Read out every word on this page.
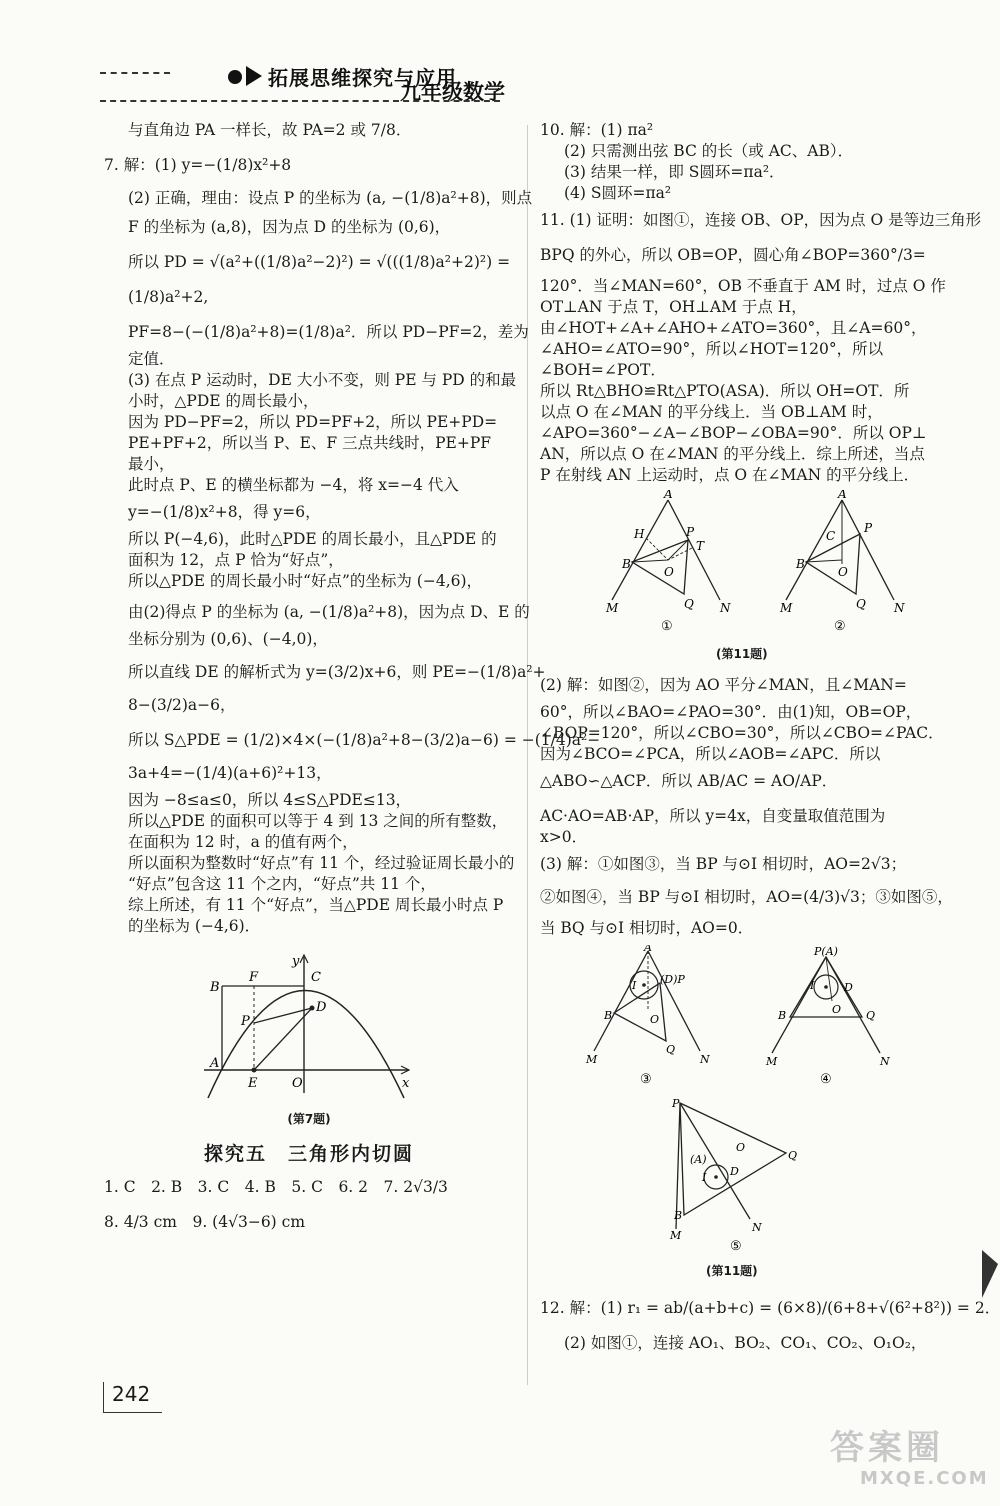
拓展思维探究与应用
九年级数学
与直角边 PA 一样长，故 PA=2 或 7/8．
7. 解：(1) y=−(1/8)x²+8
(2) 正确，理由：设点 P 的坐标为 (a, −(1/8)a²+8)，则点
F 的坐标为 (a,8)，因为点 D 的坐标为 (0,6)，
所以 PD = √(a²+((1/8)a²−2)²) = √(((1/8)a²+2)²) =
(1/8)a²+2,
PF=8−(−(1/8)a²+8)=(1/8)a²．所以 PD−PF=2，差为
定值．
(3) 在点 P 运动时，DE 大小不变，则 PE 与 PD 的和最
小时，△PDE 的周长最小，
因为 PD−PF=2，所以 PD=PF+2，所以 PE+PD=
PE+PF+2，所以当 P、E、F 三点共线时，PE+PF
最小，
此时点 P、E 的横坐标都为 −4，将 x=−4 代入
y=−(1/8)x²+8，得 y=6，
所以 P(−4,6)，此时△PDE 的周长最小，且△PDE 的
面积为 12，点 P 恰为“好点”，
所以△PDE 的周长最小时“好点”的坐标为 (−4,6)，
由(2)得点 P 的坐标为 (a, −(1/8)a²+8)，因为点 D、E 的
坐标分别为 (0,6)、(−4,0)，
所以直线 DE 的解析式为 y=(3/2)x+6，则 PE=−(1/8)a²+
8−(3/2)a−6，
所以 S△PDE = (1/2)×4×(−(1/8)a²+8−(3/2)a−6) = −(1/4)a²−
3a+4=−(1/4)(a+6)²+13，
因为 −8≤a≤0，所以 4≤S△PDE≤13，
所以△PDE 的面积可以等于 4 到 13 之间的所有整数，
在面积为 12 时，a 的值有两个，
所以面积为整数时“好点”有 11 个，经过验证周长最小的
“好点”包含这 11 个之内，“好点”共 11 个，
综上所述，有 11 个“好点”，当△PDE 周长最小时点 P
的坐标为 (−4,6)．
B
F	C
y
D
P
A
E	O	x
(第7题)
探究五　三角形内切圆
1. C　2. B　3. C　4. B　5. C　6. 2　7. 2√3/3
8. 4/3 cm　9. (4√3−6) cm
10. 解：(1) πa²
(2) 只需测出弦 BC 的长（或 AC、AB）．
(3) 结果一样，即 S圆环=πa²．
(4) S圆环=πa²
11. (1) 证明：如图①，连接 OB、OP，因为点 O 是等边三角形
BPQ 的外心，所以 OB=OP，圆心角∠BOP=360°/3=
120°．当∠MAN=60°，OB 不垂直于 AM 时，过点 O 作
OT⊥AN 于点 T，OH⊥AM 于点 H，
由∠HOT+∠A+∠AHO+∠ATO=360°，且∠A=60°，
∠AHO=∠ATO=90°，所以∠HOT=120°，所以
∠BOH=∠POT．
所以 Rt△BHO≌Rt△PTO(ASA)．所以 OH=OT．所
以点 O 在∠MAN 的平分线上．当 OB⊥AM 时，
∠APO=360°−∠A−∠BOP−∠OBA=90°．所以 OP⊥
AN，所以点 O 在∠MAN 的平分线上．综上所述，当点
P 在射线 AN 上运动时，点 O 在∠MAN 的平分线上．
A
H	P
T
B
O
Q
M	N
①
A
P
C
B
O
Q
M	N
②
(第11题)
(2) 解：如图②，因为 AO 平分∠MAN，且∠MAN=
60°，所以∠BAO=∠PAO=30°．由(1)知，OB=OP，
∠BOP=120°，所以∠CBO=30°，所以∠CBO=∠PAC．
因为∠BCO=∠PCA，所以∠AOB=∠APC．所以
△ABO∽△ACP．所以 AB/AC = AO/AP．
AC·AO=AB·AP，所以 y=4x，自变量取值范围为
x>0．
(3) 解：①如图③，当 BP 与⊙I 相切时，AO=2√3；
②如图④，当 BP 与⊙I 相切时，AO=(4/3)√3；③如图⑤，
当 BQ 与⊙I 相切时，AO=0．
A
(D)P
I
B	O
Q
M	N
③
P(A)
I	D
B	O Q
M	N
④
P
Q
O
(A)
I D
B
M
N
⑤
(第11题)
12. 解：(1) r₁ = ab/(a+b+c) = (6×8)/(6+8+√(6²+8²)) = 2．
(2) 如图①，连接 AO₁、BO₂、CO₁、CO₂、O₁O₂，
242
答案圈
MXQE.COM
